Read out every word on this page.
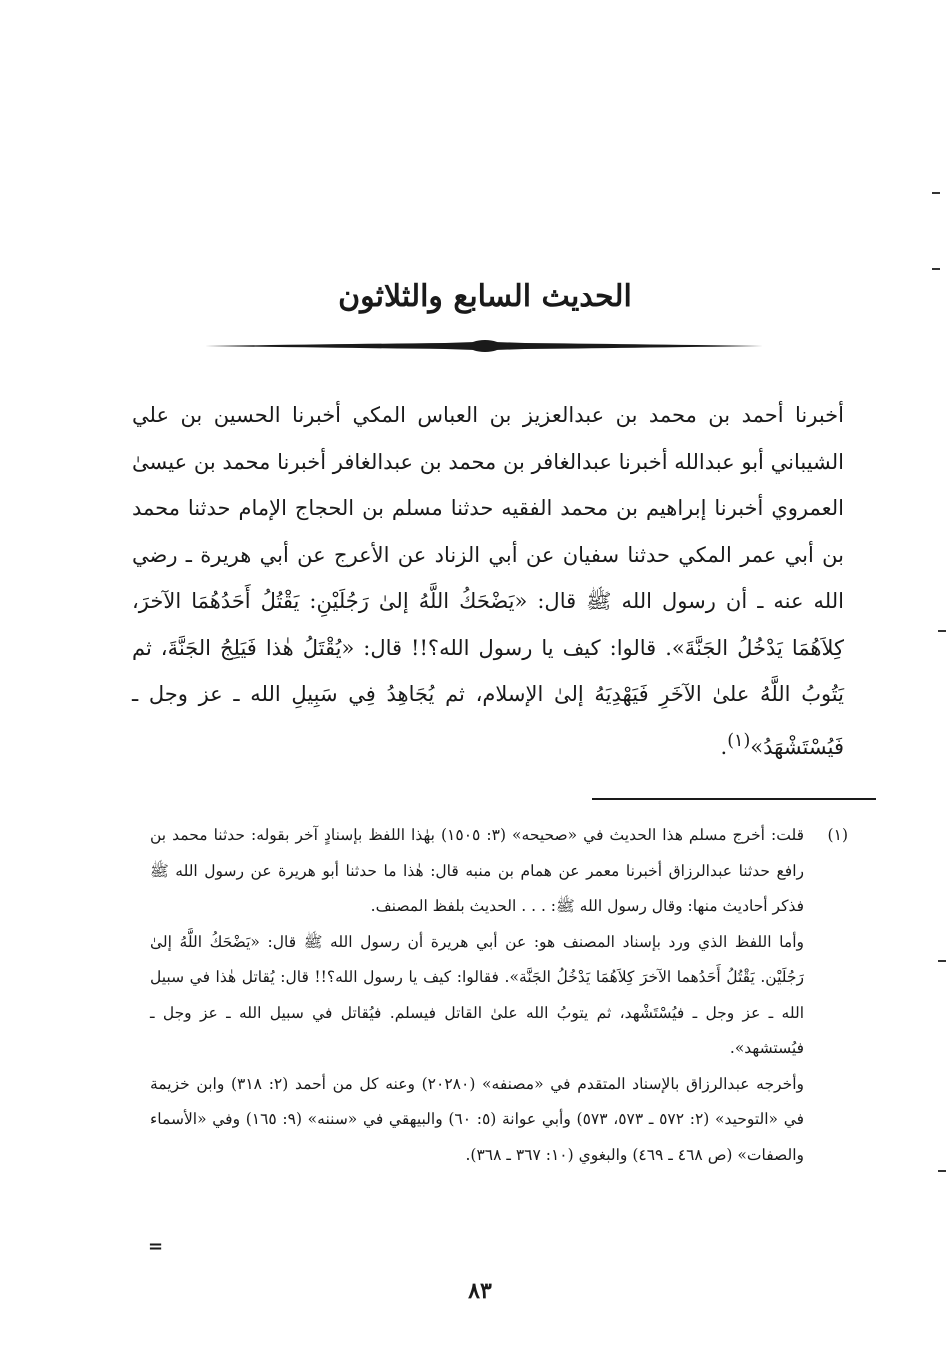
الحديث السابع والثلاثون

أخبرنا أحمد بن محمد بن عبدالعزيز بن العباس المكي أخبرنا الحسين بن علي الشيباني أبو عبدالله أخبرنا عبدالغافر بن محمد بن عبدالغافر أخبرنا محمد بن عيسىٰ العمروي أخبرنا إبراهيم بن محمد الفقيه حدثنا مسلم بن الحجاج الإمام حدثنا محمد بن أبي عمر المكي حدثنا سفيان عن أبي الزناد عن الأعرج عن أبي هريرة ـ رضي الله عنه ـ أن رسول الله ﷺ قال: «يَضْحَكُ اللَّهُ إلىٰ رَجُلَيْنِ: يَقْتُلُ أَحَدُهُمَا الآخرَ، كِلاَهُمَا يَدْخُلُ الجَنَّةَ». قالوا: كيف يا رسول الله؟!! قال: «يُقْتَلُ هٰذا فَيَلِجُ الجَنَّةَ، ثم يَتُوبُ اللَّهُ علىٰ الآخَرِ فَيَهْدِيَهُ إلىٰ الإسلام، ثم يُجَاهِدُ فِي سَبِيلِ الله ـ عز وجل ـ فَيُسْتَشْهَدُ»$^{(١)}$.

(١)

قلت: أخرج مسلم هذا الحديث في «صحيحه» (٣: ١٥٠٥) بهٰذا اللفظ بإسنادٍ آخر بقوله: حدثنا محمد بن رافع حدثنا عبدالرزاق أخبرنا معمر عن همام بن منبه قال: هٰذا ما حدثنا أبو هريرة عن رسول الله ﷺ فذكر أحاديث منها: وقال رسول الله ﷺ: . . . الحديث بلفظ المصنف.

وأما اللفظ الذي ورد بإسناد المصنف هو: عن أبي هريرة أن رسول الله ﷺ قال: «يَضْحَكُ اللَّهُ إلىٰ رَجُلَيْن. يَقْتُلُ أَحَدُهما الآخرَ كِلاَهُمَا يَدْخُلُ الجَنَّة». فقالوا: كيف يا رسول الله؟!! قال: يُقاتل هٰذا في سبيل الله ـ عز وجل ـ فيُسْتَشْهد، ثم يتوبُ الله علىٰ القاتل فيسلم. فيُقاتل في سبيل الله ـ عز وجل ـ فيُستشهد».

وأخرجه عبدالرزاق بالإسناد المتقدم في «مصنفه» (٢٠٢٨٠) وعنه كل من أحمد (٢: ٣١٨) وابن خزيمة في «التوحيد» (٢: ٥٧٢ ـ ٥٧٣، ٥٧٣) وأبي عوانة (٥: ٦٠) والبيهقي في «سننه» (٩: ١٦٥) وفي «الأسماء والصفات» (ص ٤٦٨ ـ ٤٦٩) والبغوي (١٠: ٣٦٧ ـ ٣٦٨).

=
٨٣
